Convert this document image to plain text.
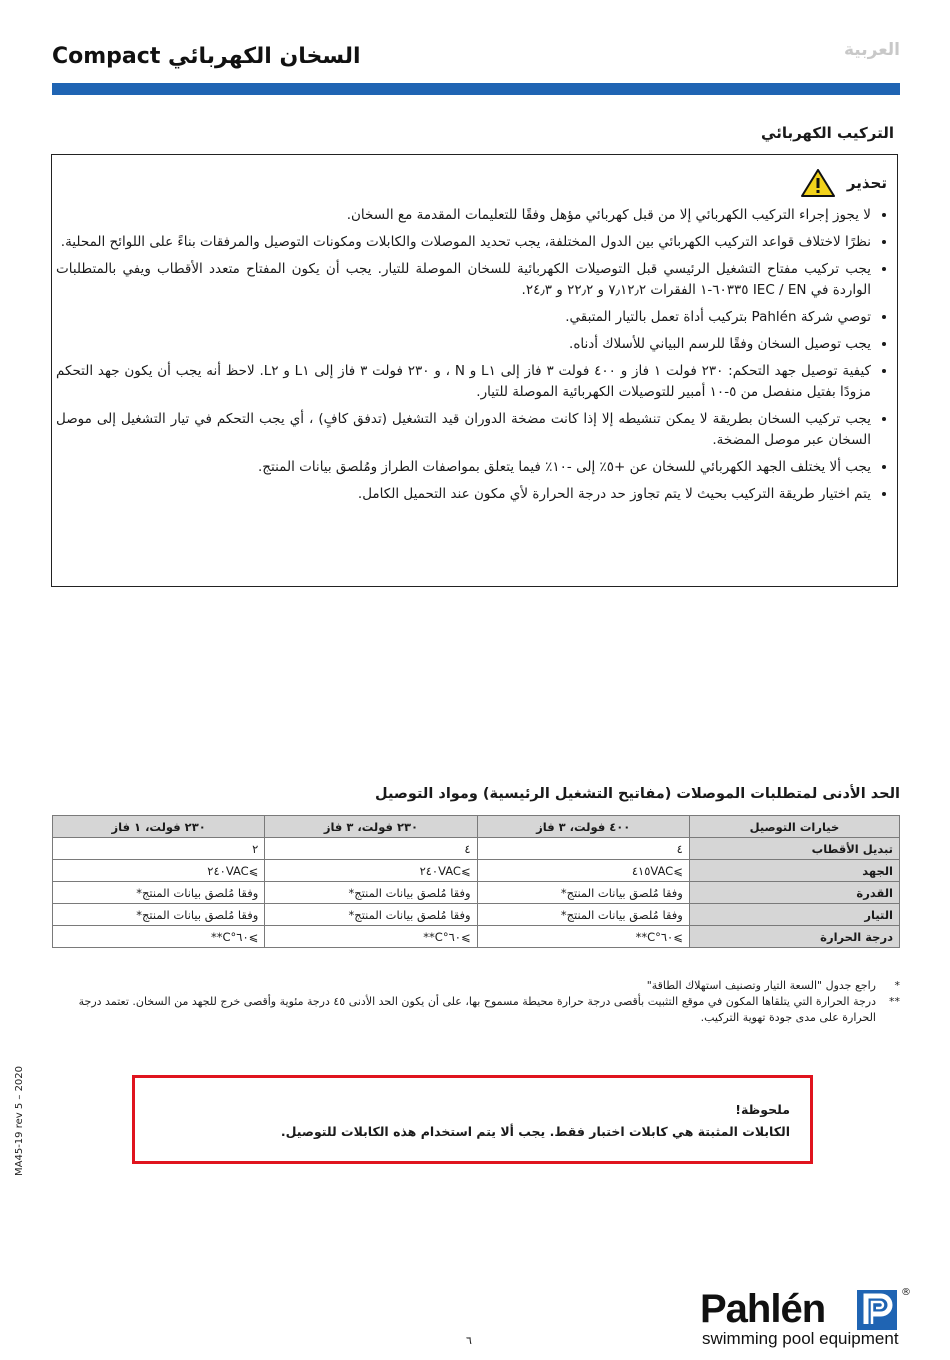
العربية
السخان الكهربائي Compact
التركيب الكهربائي
تحذير
• لا يجوز إجراء التركيب الكهربائي إلا من قبل كهربائي مؤهل وفقًا للتعليمات المقدمة مع السخان.
• نظرًا لاختلاف قواعد التركيب الكهربائي بين الدول المختلفة، يجب تحديد الموصلات والكابلات ومكونات التوصيل والمرفقات بناءً على اللوائح المحلية.
• يجب تركيب مفتاح التشغيل الرئيسي قبل التوصيلات الكهربائية للسخان الموصلة للتيار. يجب أن يكون المفتاح متعدد الأقطاب ويفي بالمتطلبات الواردة في IEC / EN ٦٠٣٣٥-١ الفقرات ٧٫١٢٫٢ و ٢٢٫٢ و ٢٤٫٣.
• توصي شركة Pahlén بتركيب أداة تعمل بالتيار المتبقي.
• يجب توصيل السخان وفقًا للرسم البياني للأسلاك أدناه.
• كيفية توصيل جهد التحكم: ٢٣٠ فولت ١ فاز و ٤٠٠ فولت ٣ فاز إلى L١ و N ، و ٢٣٠ فولت ٣ فاز إلى L١ و L٢. لاحظ أنه يجب أن يكون جهد التحكم مزودًا بفتيل منفصل من ٥-١٠ أمبير للتوصيلات الكهربائية الموصلة للتيار.
• يجب تركيب السخان بطريقة لا يمكن تنشيطه إلا إذا كانت مضخة الدوران قيد التشغيل (تدفق كافٍ) ، أي يجب التحكم في تيار التشغيل إلى موصل السخان عبر موصل المضخة.
• يجب ألا يختلف الجهد الكهربائي للسخان عن +٥٪ إلى -١٠٪ فيما يتعلق بمواصفات الطراز ومُلصق بيانات المنتج.
• يتم اختيار طريقة التركيب بحيث لا يتم تجاوز حد درجة الحرارة لأي مكون عند التحميل الكامل.
الحد الأدنى لمتطلبات الموصلات (مفاتيح التشغيل الرئيسية) ومواد التوصيل
خيارات التوصيل	٤٠٠ فولت، ٣ فاز	٢٣٠ فولت، ٣ فاز	٢٣٠ فولت، ١ فاز
تبديل الأقطاب	٤	٤	٢
الجهد	⩾٤١٥VAC	⩾٢٤٠VAC	⩾٢٤٠VAC
القدرة	وفقا مُلصق بيانات المنتج*	وفقا مُلصق بيانات المنتج*	وفقا مُلصق بيانات المنتج*
التيار	وفقا مُلصق بيانات المنتج*	وفقا مُلصق بيانات المنتج*	وفقا مُلصق بيانات المنتج*
درجة الحرارة	⩾٦٠°C**	⩾٦٠°C**	⩾٦٠°C**
*
راجع جدول "السعة التيار وتصنيف استهلاك الطاقة"
**
درجة الحرارة التي يتلقاها المكون في موقع التثبيت بأقصى درجة حرارة محيطة مسموح بها، على أن يكون الحد الأدنى ٤٥ درجة مئوية وأقصى خرج للجهد من السخان. تعتمد درجة الحرارة على مدى جودة تهوية التركيب.
ملحوظة!
الكابلات المثبتة هي كابلات اختبار فقط. يجب ألا يتم استخدام هذه الكابلات للتوصيل.
MA45-19 rev 5 – 2020
٦
Pahlén	®
swimming pool equipment
